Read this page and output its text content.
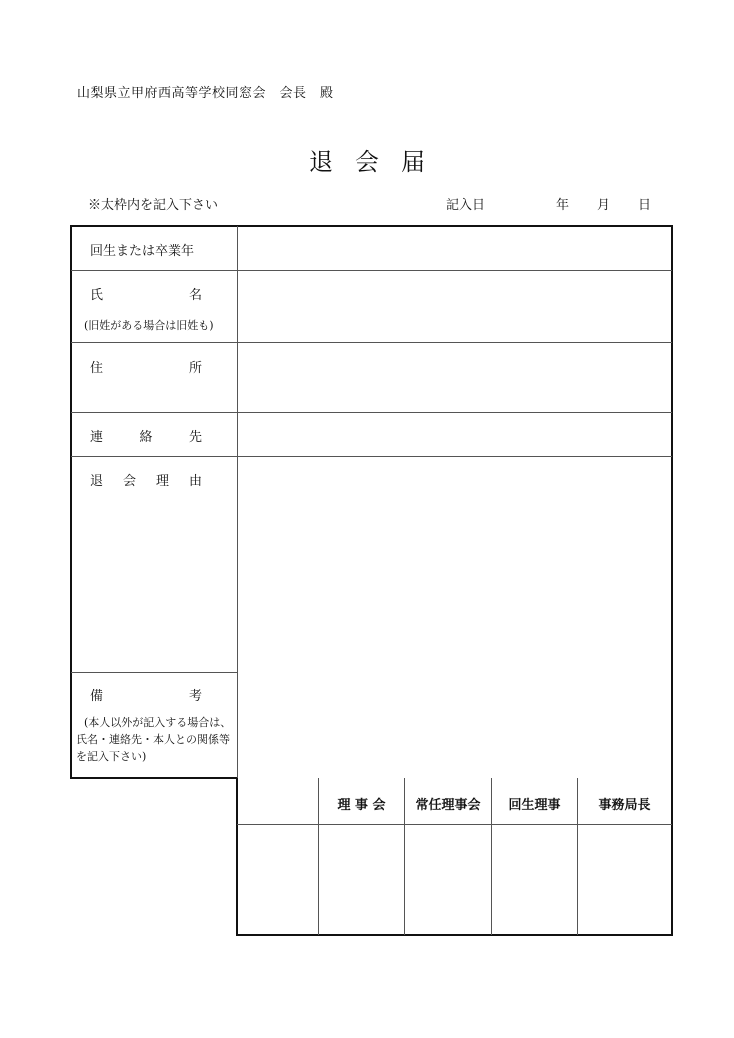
山梨県立甲府西高等学校同窓会　会長　殿
退会届
※太枠内を記入下さい	記入日	年 月 日
回生または卒業年
氏	名
(旧姓がある場合は旧姓も)
住	所
連	絡	先
退 会 理 由
備	考
(本人以外が記入する場合は、氏名・連絡先・本人との関係等を記入下さい)
理 事 会	常任理事会	回生理事	事務局長
